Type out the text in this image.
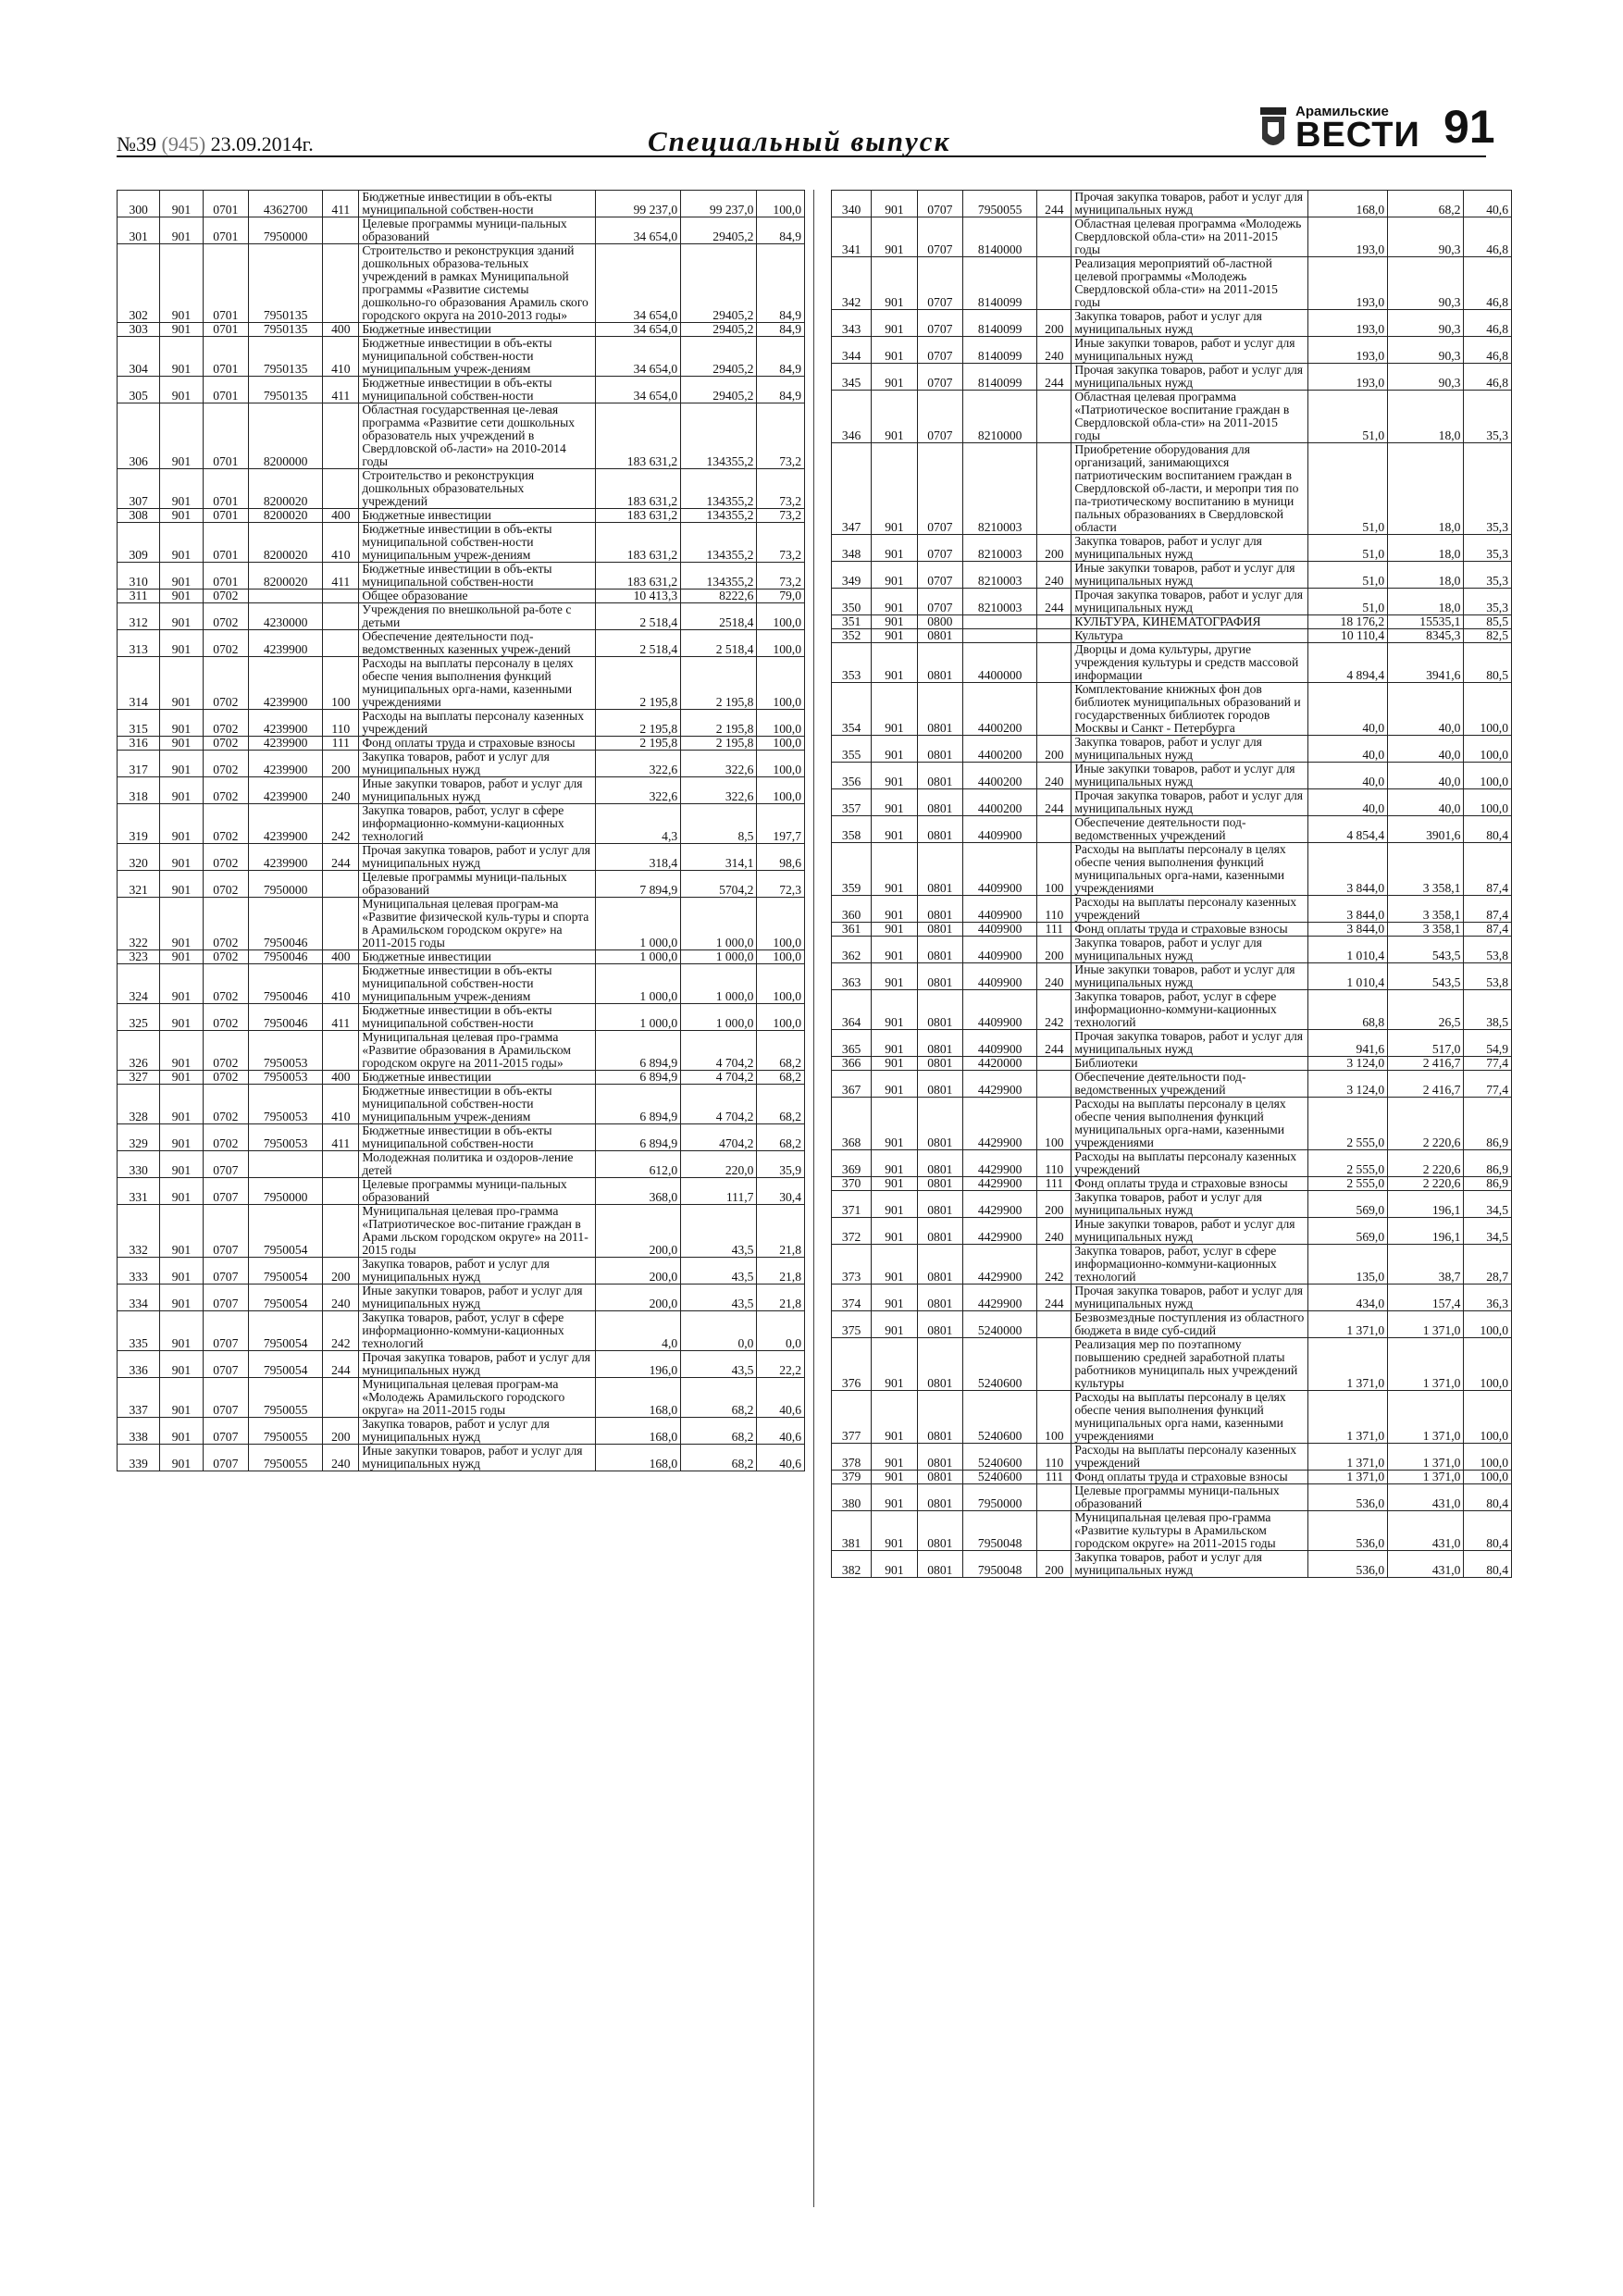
№39 (945) 23.09.2014г.	Специальный выпуск
Арамильские
ВЕСТИ 91
300	901	0701	4362700	411	Бюджетные инвестиции в объ-екты муниципальной собствен-ности	99 237,0	99 237,0	100,0
301	901	0701	7950000		Целевые программы муници-пальных образований	34 654,0	29405,2	84,9
302	901	0701	7950135		Строительство и реконструкция зданий дошкольных образова-тельных учреждений в рамках Муниципальной программы «Развитие системы дошкольно-го образования Арамиль ского городского округа на 2010-2013 годы»	34 654,0	29405,2	84,9
303	901	0701	7950135	400	Бюджетные инвестиции	34 654,0	29405,2	84,9
304	901	0701	7950135	410	Бюджетные инвестиции в объ-екты муниципальной собствен-ности муниципальным учреж-дениям	34 654,0	29405,2	84,9
305	901	0701	7950135	411	Бюджетные инвестиции в объ-екты муниципальной собствен-ности	34 654,0	29405,2	84,9
306	901	0701	8200000		Областная государственная це-левая программа «Развитие сети дошкольных образователь ных учреждений в Свердловской об-ласти» на 2010-2014 годы	183 631,2	134355,2	73,2
307	901	0701	8200020		Строительство и реконструкция дошкольных образовательных учреждений	183 631,2	134355,2	73,2
308	901	0701	8200020	400	Бюджетные инвестиции	183 631,2	134355,2	73,2
309	901	0701	8200020	410	Бюджетные инвестиции в объ-екты муниципальной собствен-ности муниципальным учреж-дениям	183 631,2	134355,2	73,2
310	901	0701	8200020	411	Бюджетные инвестиции в объ-екты муниципальной собствен-ности	183 631,2	134355,2	73,2
311	901	0702			Общее образование	10 413,3	8222,6	79,0
312	901	0702	4230000		Учреждения по внешкольной ра-боте с детьми	2 518,4	2518,4	100,0
313	901	0702	4239900		Обеспечение деятельности под-ведомственных казенных учреж-дений	2 518,4	2 518,4	100,0
314	901	0702	4239900	100	Расходы на выплаты персоналу в целях обеспе чения выполнения функций муниципальных орга-нами, казенными учреждениями	2 195,8	2 195,8	100,0
315	901	0702	4239900	110	Расходы на выплаты персоналу казенных учреждений	2 195,8	2 195,8	100,0
316	901	0702	4239900	111	Фонд оплаты труда и страховые взносы	2 195,8	2 195,8	100,0
317	901	0702	4239900	200	Закупка товаров, работ и услуг для муниципальных нужд	322,6	322,6	100,0
318	901	0702	4239900	240	Иные закупки товаров, работ и услуг для муниципальных нужд	322,6	322,6	100,0
319	901	0702	4239900	242	Закупка товаров, работ, услуг в сфере информационно-коммуни-кационных технологий	4,3	8,5	197,7
320	901	0702	4239900	244	Прочая закупка товаров, работ и услуг для муниципальных нужд	318,4	314,1	98,6
321	901	0702	7950000		Целевые программы муници-пальных образований	7 894,9	5704,2	72,3
322	901	0702	7950046		Муниципальная целевая програм-ма «Развитие физической куль-туры и спорта в Арамильском городском округе» на 2011-2015 годы	1 000,0	1 000,0	100,0
323	901	0702	7950046	400	Бюджетные инвестиции	1 000,0	1 000,0	100,0
324	901	0702	7950046	410	Бюджетные инвестиции в объ-екты муниципальной собствен-ности муниципальным учреж-дениям	1 000,0	1 000,0	100,0
325	901	0702	7950046	411	Бюджетные инвестиции в объ-екты муниципальной собствен-ности	1 000,0	1 000,0	100,0
326	901	0702	7950053		Муниципальная целевая про-грамма «Развитие образования в Арамильском городском округе на 2011-2015 годы»	6 894,9	4 704,2	68,2
327	901	0702	7950053	400	Бюджетные инвестиции	6 894,9	4 704,2	68,2
328	901	0702	7950053	410	Бюджетные инвестиции в объ-екты муниципальной собствен-ности муниципальным учреж-дениям	6 894,9	4 704,2	68,2
329	901	0702	7950053	411	Бюджетные инвестиции в объ-екты муниципальной собствен-ности	6 894,9	4704,2	68,2
330	901	0707			Молодежная политика и оздоров-ление детей	612,0	220,0	35,9
331	901	0707	7950000		Целевые программы муници-пальных образований	368,0	111,7	30,4
332	901	0707	7950054		Муниципальная целевая про-грамма «Патриотическое вос-питание граждан в Арами льском городском округе» на 2011-2015 годы	200,0	43,5	21,8
333	901	0707	7950054	200	Закупка товаров, работ и услуг для муниципальных нужд	200,0	43,5	21,8
334	901	0707	7950054	240	Иные закупки товаров, работ и услуг для муниципальных нужд	200,0	43,5	21,8
335	901	0707	7950054	242	Закупка товаров, работ, услуг в сфере информационно-коммуни-кационных технологий	4,0	0,0	0,0
336	901	0707	7950054	244	Прочая закупка товаров, работ и услуг для муниципальных нужд	196,0	43,5	22,2
337	901	0707	7950055		Муниципальная целевая програм-ма «Молодежь Арамильского городского округа» на 2011-2015 годы	168,0	68,2	40,6
338	901	0707	7950055	200	Закупка товаров, работ и услуг для муниципальных нужд	168,0	68,2	40,6
339	901	0707	7950055	240	Иные закупки товаров, работ и услуг для муниципальных нужд	168,0	68,2	40,6
340	901	0707	7950055	244	Прочая закупка товаров, работ и услуг для муниципальных нужд	168,0	68,2	40,6
341	901	0707	8140000		Областная целевая программа «Молодежь Свердловской обла-сти» на 2011-2015 годы	193,0	90,3	46,8
342	901	0707	8140099		Реализация мероприятий об-ластной целевой программы «Молодежь Свердловской обла-сти» на 2011-2015 годы	193,0	90,3	46,8
343	901	0707	8140099	200	Закупка товаров, работ и услуг для муниципальных нужд	193,0	90,3	46,8
344	901	0707	8140099	240	Иные закупки товаров, работ и услуг для муниципальных нужд	193,0	90,3	46,8
345	901	0707	8140099	244	Прочая закупка товаров, работ и услуг для муниципальных нужд	193,0	90,3	46,8
346	901	0707	8210000		Областная целевая программа «Патриотическое воспитание граждан в Свердловской обла-сти» на 2011-2015 годы	51,0	18,0	35,3
347	901	0707	8210003		Приобретение оборудования для организаций, занимающихся патриотическим воспитанием граждан в Свердловской об-ласти, и меропри тия по па-триотическому воспитанию в муници пальных образованиях в Свердловской области	51,0	18,0	35,3
348	901	0707	8210003	200	Закупка товаров, работ и услуг для муниципальных нужд	51,0	18,0	35,3
349	901	0707	8210003	240	Иные закупки товаров, работ и услуг для муниципальных нужд	51,0	18,0	35,3
350	901	0707	8210003	244	Прочая закупка товаров, работ и услуг для муниципальных нужд	51,0	18,0	35,3
351	901	0800			КУЛЬТУРА, КИНЕМАТОГРАФИЯ	18 176,2	15535,1	85,5
352	901	0801			Культура	10 110,4	8345,3	82,5
353	901	0801	4400000		Дворцы и дома культуры, другие учреждения культуры и средств массовой информации	4 894,4	3941,6	80,5
354	901	0801	4400200		Комплектование книжных фон дов библиотек муниципальных образований и государственных библиотек городов Москвы и Санкт - Петербурга	40,0	40,0	100,0
355	901	0801	4400200	200	Закупка товаров, работ и услуг для муниципальных нужд	40,0	40,0	100,0
356	901	0801	4400200	240	Иные закупки товаров, работ и услуг для муниципальных нужд	40,0	40,0	100,0
357	901	0801	4400200	244	Прочая закупка товаров, работ и услуг для муниципальных нужд	40,0	40,0	100,0
358	901	0801	4409900		Обеспечение деятельности под-ведомственных учреждений	4 854,4	3901,6	80,4
359	901	0801	4409900	100	Расходы на выплаты персоналу в целях обеспе чения выполнения функций муниципальных орга-нами, казенными учреждениями	3 844,0	3 358,1	87,4
360	901	0801	4409900	110	Расходы на выплаты персоналу казенных учреждений	3 844,0	3 358,1	87,4
361	901	0801	4409900	111	Фонд оплаты труда и страховые взносы	3 844,0	3 358,1	87,4
362	901	0801	4409900	200	Закупка товаров, работ и услуг для муниципальных нужд	1 010,4	543,5	53,8
363	901	0801	4409900	240	Иные закупки товаров, работ и услуг для муниципальных нужд	1 010,4	543,5	53,8
364	901	0801	4409900	242	Закупка товаров, работ, услуг в сфере информационно-коммуни-кационных технологий	68,8	26,5	38,5
365	901	0801	4409900	244	Прочая закупка товаров, работ и услуг для муниципальных нужд	941,6	517,0	54,9
366	901	0801	4420000		Библиотеки	3 124,0	2 416,7	77,4
367	901	0801	4429900		Обеспечение деятельности под-ведомственных учреждений	3 124,0	2 416,7	77,4
368	901	0801	4429900	100	Расходы на выплаты персоналу в целях обеспе чения выполнения функций муниципальных орга-нами, казенными учреждениями	2 555,0	2 220,6	86,9
369	901	0801	4429900	110	Расходы на выплаты персоналу казенных учреждений	2 555,0	2 220,6	86,9
370	901	0801	4429900	111	Фонд оплаты труда и страховые взносы	2 555,0	2 220,6	86,9
371	901	0801	4429900	200	Закупка товаров, работ и услуг для муниципальных нужд	569,0	196,1	34,5
372	901	0801	4429900	240	Иные закупки товаров, работ и услуг для муниципальных нужд	569,0	196,1	34,5
373	901	0801	4429900	242	Закупка товаров, работ, услуг в сфере информационно-коммуни-кационных технологий	135,0	38,7	28,7
374	901	0801	4429900	244	Прочая закупка товаров, работ и услуг для муниципальных нужд	434,0	157,4	36,3
375	901	0801	5240000		Безвозмездные поступления из областного бюджета в виде суб-сидий	1 371,0	1 371,0	100,0
376	901	0801	5240600		Реализация мер по поэтапному повышению средней заработной платы работников муниципаль ных учреждений культуры	1 371,0	1 371,0	100,0
377	901	0801	5240600	100	Расходы на выплаты персоналу в целях обеспе чения выполнения функций муниципальных орга нами, казенными учреждениями	1 371,0	1 371,0	100,0
378	901	0801	5240600	110	Расходы на выплаты персоналу казенных учреждений	1 371,0	1 371,0	100,0
379	901	0801	5240600	111	Фонд оплаты труда и страховые взносы	1 371,0	1 371,0	100,0
380	901	0801	7950000		Целевые программы муници-пальных образований	536,0	431,0	80,4
381	901	0801	7950048		Муниципальная целевая про-грамма «Развитие культуры в Арамильском городском округе» на 2011-2015 годы	536,0	431,0	80,4
382	901	0801	7950048	200	Закупка товаров, работ и услуг для муниципальных нужд	536,0	431,0	80,4
